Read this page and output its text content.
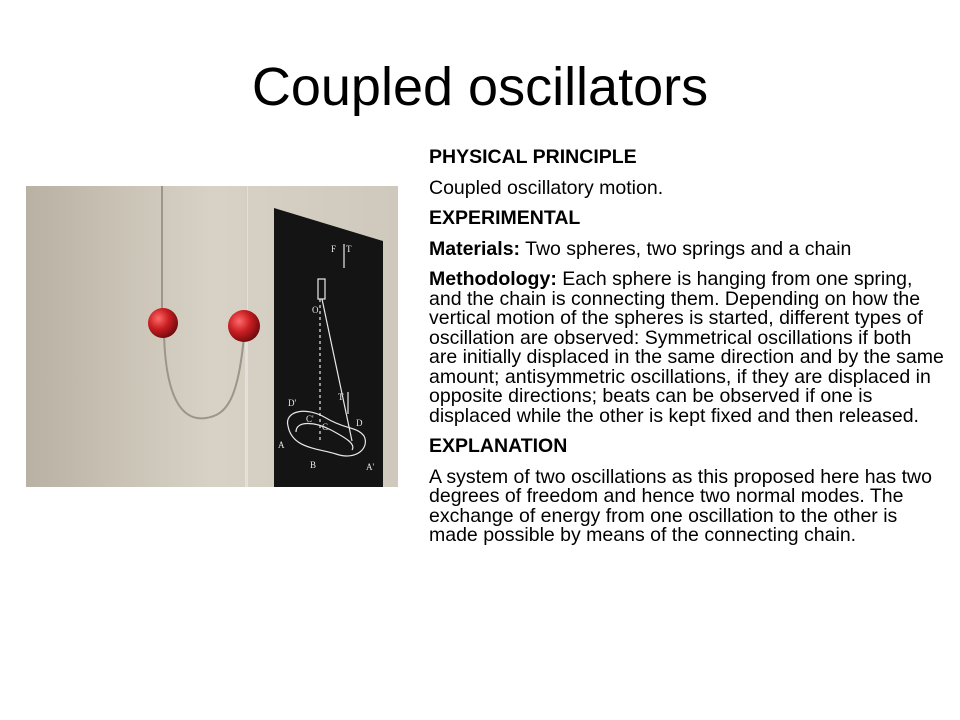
Coupled oscillators
F T
O
T
D'
C'
C	D
A
B	A'
PHYSICAL PRINCIPLE
Coupled oscillatory motion.
EXPERIMENTAL
Materials: Two spheres, two springs and a chain
Methodology: Each sphere is hanging from one spring, and the chain is connecting them. Depending on how the vertical motion of the spheres is started, different types of oscillation are observed: Symmetrical oscillations if both are initially displaced in the same direction and by the same amount; antisymmetric oscillations, if they are displaced in opposite directions; beats can be observed if one is displaced while the other is kept fixed and then released.
EXPLANATION
A system of two oscillations as this proposed here has two degrees of freedom and hence two normal modes. The exchange of energy from one oscillation to the other is made possible by means of the connecting chain.
